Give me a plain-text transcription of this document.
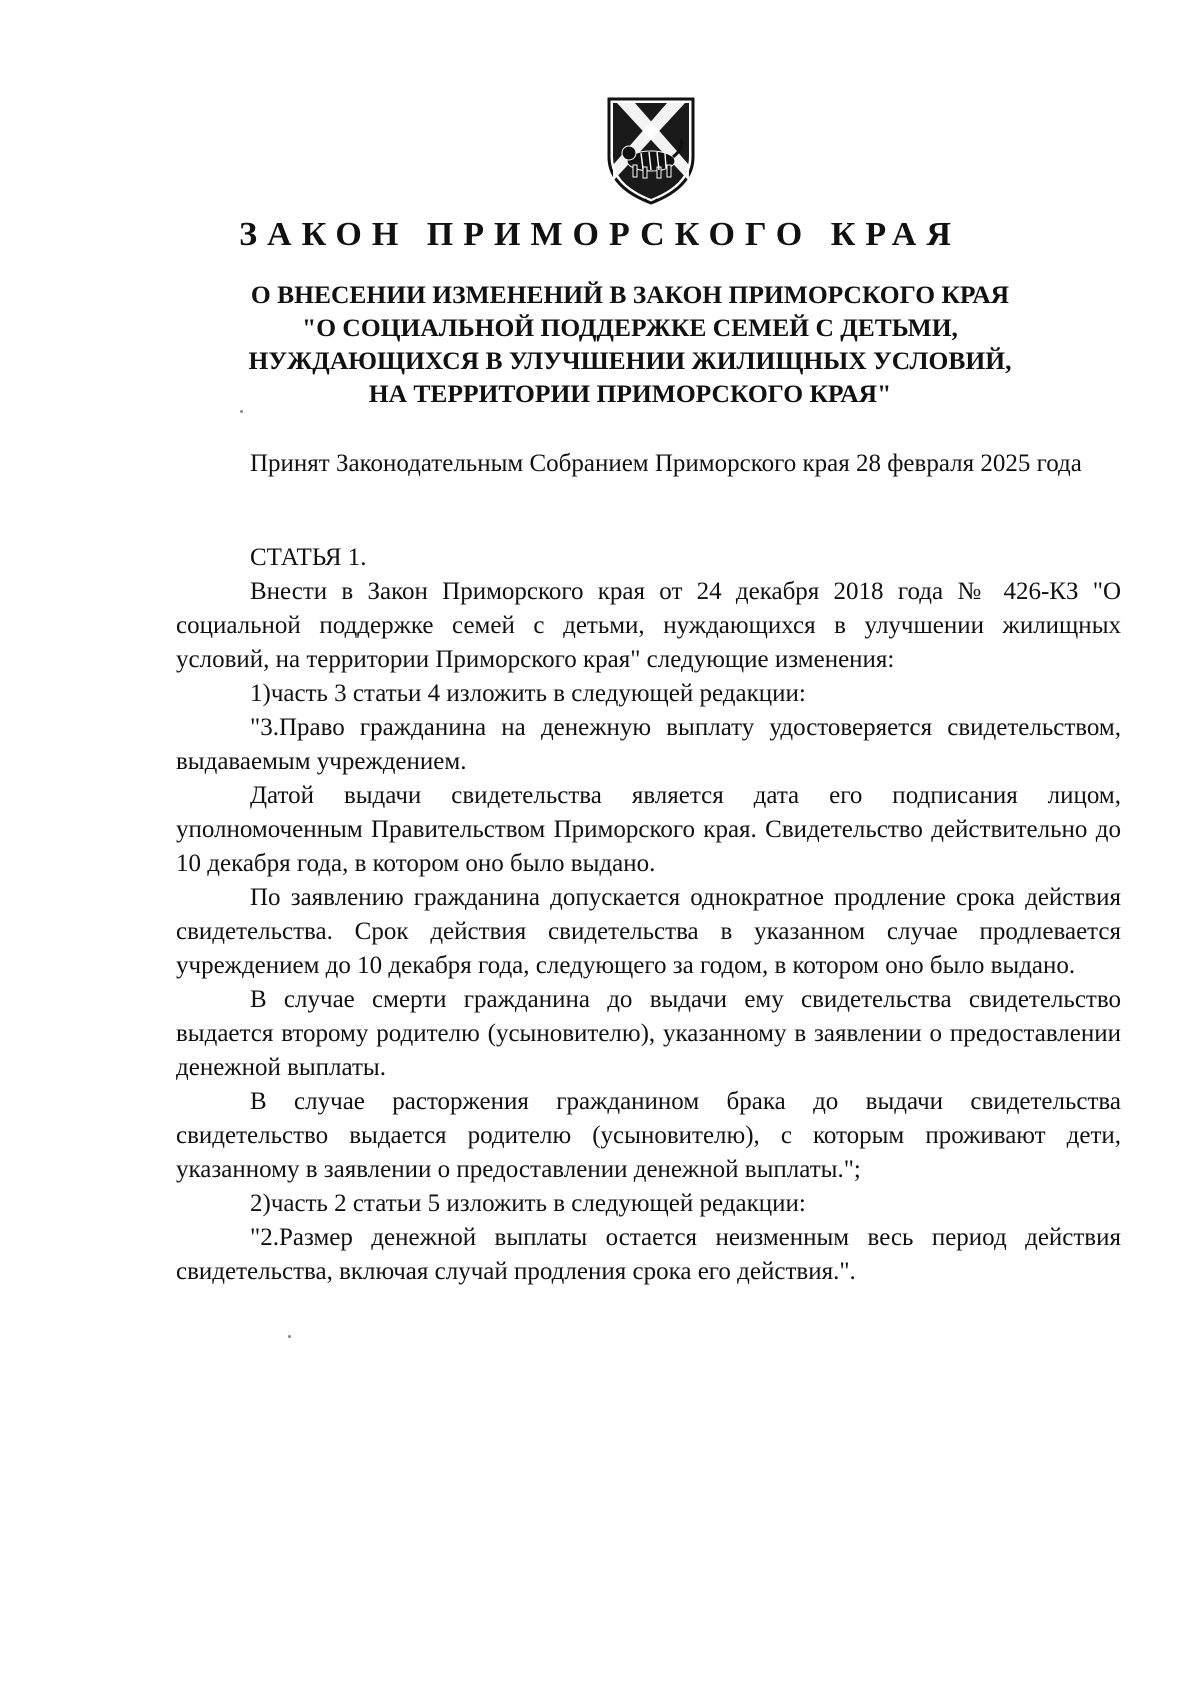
ЗАКОН ПРИМОРСКОГО КРАЯ
О ВНЕСЕНИИ ИЗМЕНЕНИЙ В ЗАКОН ПРИМОРСКОГО КРАЯ
"О СОЦИАЛЬНОЙ ПОДДЕРЖКЕ СЕМЕЙ С ДЕТЬМИ,
НУЖДАЮЩИХСЯ В УЛУЧШЕНИИ ЖИЛИЩНЫХ УСЛОВИЙ,
НА ТЕРРИТОРИИ ПРИМОРСКОГО КРАЯ"

Принят Законодательным Собранием Приморского края 28 февраля 2025 года

СТАТЬЯ 1.

Внести в Закон Приморского края от 24 декабря 2018 года № 426-КЗ "О социальной поддержке семей с детьми, нуждающихся в улучшении жилищных условий, на территории Приморского края" следующие изменения:

1)часть 3 статьи 4 изложить в следующей редакции:

"3.Право гражданина на денежную выплату удостоверяется свидетельством, выдаваемым учреждением.

Датой выдачи свидетельства является дата его подписания лицом, уполномоченным Правительством Приморского края. Свидетельство действительно до 10 декабря года, в котором оно было выдано.

По заявлению гражданина допускается однократное продление срока действия свидетельства. Срок действия свидетельства в указанном случае продлевается учреждением до 10 декабря года, следующего за годом, в котором оно было выдано.

В случае смерти гражданина до выдачи ему свидетельства свидетельство выдается второму родителю (усыновителю), указанному в заявлении о предоставлении денежной выплаты.

В случае расторжения гражданином брака до выдачи свидетельства свидетельство выдается родителю (усыновителю), с которым проживают дети, указанному в заявлении о предоставлении денежной выплаты.";

2)часть 2 статьи 5 изложить в следующей редакции:

"2.Размер денежной выплаты остается неизменным весь период действия свидетельства, включая случай продления срока его действия.".
